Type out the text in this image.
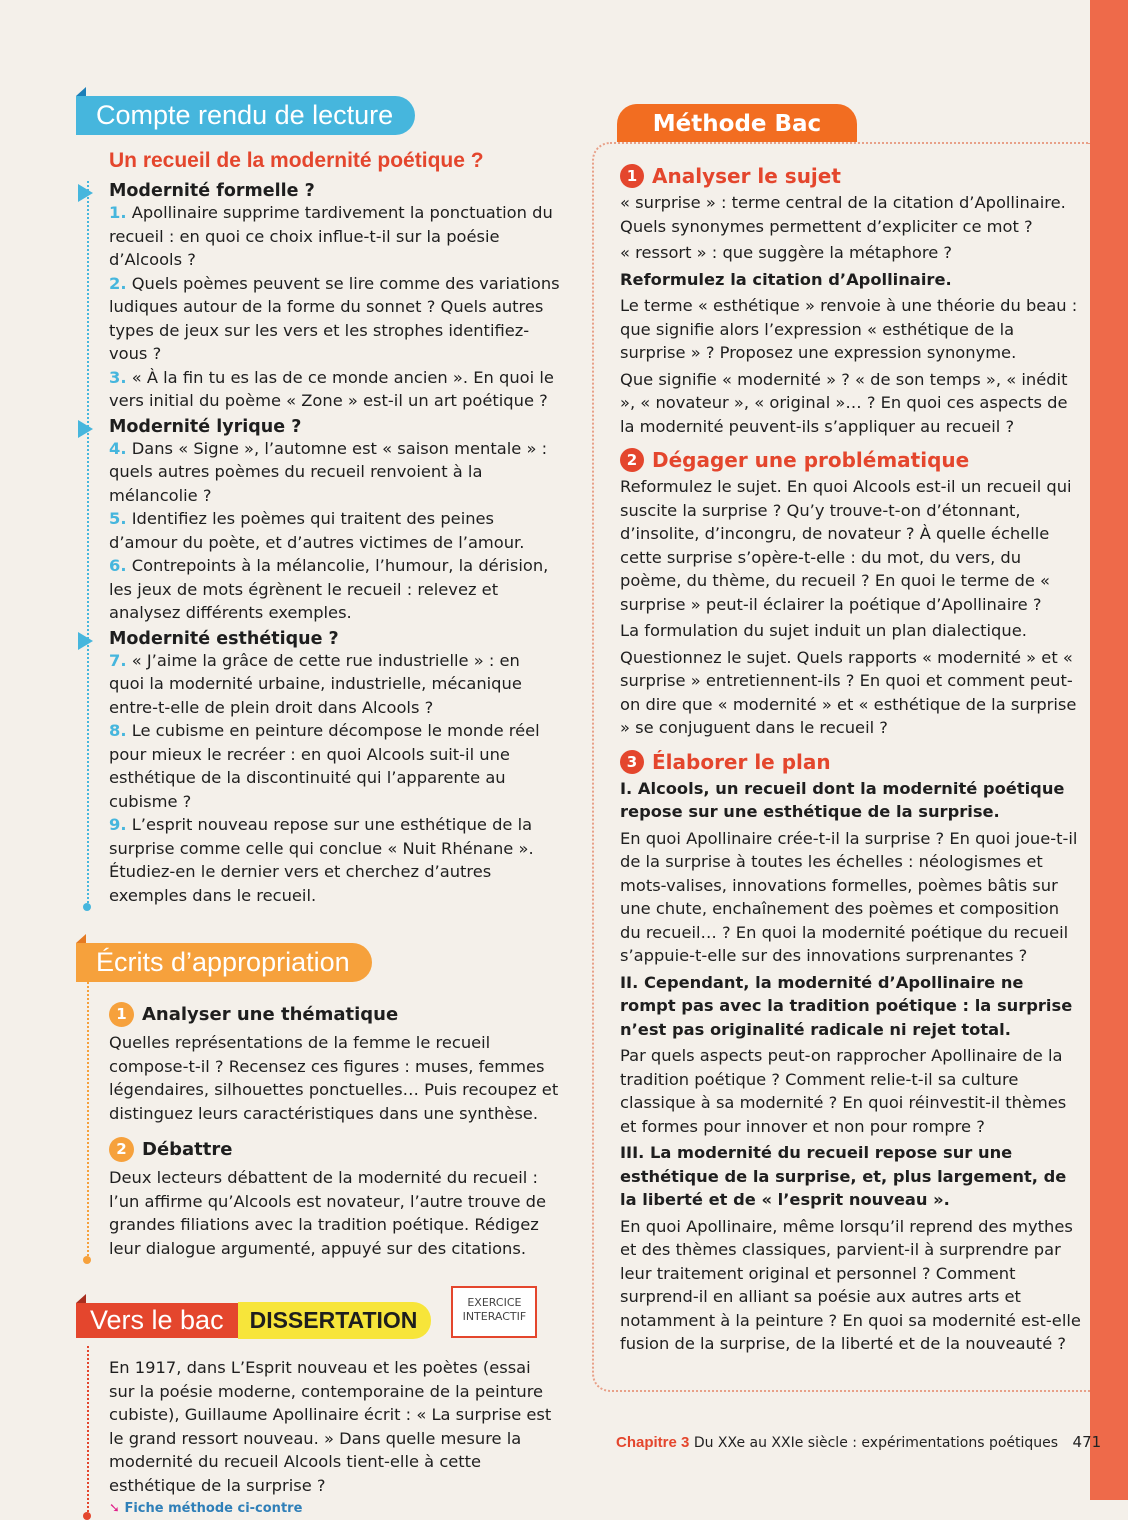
Compte rendu de lecture
Un recueil de la modernité poétique ?
Modernité formelle ?

1. Apollinaire supprime tardivement la ponctuation du recueil : en quoi ce choix influe-t-il sur la poésie d’Alcools ?

2. Quels poèmes peuvent se lire comme des variations ludiques autour de la forme du sonnet ? Quels autres types de jeux sur les vers et les strophes identifiez-vous ?

3. « À la fin tu es las de ce monde ancien ». En quoi le vers initial du poème « Zone » est-il un art poétique ?

Modernité lyrique ?

4. Dans « Signe », l’automne est « saison mentale » : quels autres poèmes du recueil renvoient à la mélancolie ?

5. Identifiez les poèmes qui traitent des peines d’amour du poète, et d’autres victimes de l’amour.

6. Contrepoints à la mélancolie, l’humour, la dérision, les jeux de mots égrènent le recueil : relevez et analysez différents exemples.

Modernité esthétique ?

7. « J’aime la grâce de cette rue industrielle » : en quoi la modernité urbaine, industrielle, mécanique entre-t-elle de plein droit dans Alcools ?

8. Le cubisme en peinture décompose le monde réel pour mieux le recréer : en quoi Alcools suit-il une esthétique de la discontinuité qui l’apparente au cubisme ?

9. L’esprit nouveau repose sur une esthétique de la surprise comme celle qui conclue « Nuit Rhénane ». Étudiez-en le dernier vers et cherchez d’autres exemples dans le recueil.

Écrits d’appropriation
1 Analyser une thématique

Quelles représentations de la femme le recueil compose-t-il ? Recensez ces figures : muses, femmes légendaires, silhouettes ponctuelles… Puis recoupez et distinguez leurs caractéristiques dans une synthèse.

2 Débattre

Deux lecteurs débattent de la modernité du recueil : l’un affirme qu’Alcools est novateur, l’autre trouve de grandes filiations avec la tradition poétique. Rédigez leur dialogue argumenté, appuyé sur des citations.

Vers le bac	DISSERTATION
EXERCICE
INTERACTIF

En 1917, dans L’Esprit nouveau et les poètes (essai sur la poésie moderne, contemporaine de la peinture cubiste), Guillaume Apollinaire écrit : « La surprise est le grand ressort nouveau. » Dans quelle mesure la modernité du recueil Alcools tient-elle à cette esthétique de la surprise ?

➘ Fiche méthode ci-contre
Méthode Bac
1 Analyser le sujet

« surprise » : terme central de la citation d’Apollinaire. Quels synonymes permettent d’expliciter ce mot ?

« ressort » : que suggère la métaphore ?

Reformulez la citation d’Apollinaire.

Le terme « esthétique » renvoie à une théorie du beau : que signifie alors l’expression « esthétique de la surprise » ? Proposez une expression synonyme.

Que signifie « modernité » ? « de son temps », « inédit », « novateur », « original »… ? En quoi ces aspects de la modernité peuvent-ils s’appliquer au recueil ?

2 Dégager une problématique

Reformulez le sujet. En quoi Alcools est-il un recueil qui suscite la surprise ? Qu’y trouve-t-on d’étonnant, d’insolite, d’incongru, de novateur ? À quelle échelle cette surprise s’opère-t-elle : du mot, du vers, du poème, du thème, du recueil ? En quoi le terme de « surprise » peut-il éclairer la poétique d’Apollinaire ?

La formulation du sujet induit un plan dialectique.

Questionnez le sujet. Quels rapports « modernité » et « surprise » entretiennent-ils ? En quoi et comment peut-on dire que « modernité » et « esthétique de la surprise » se conjuguent dans le recueil ?

3 Élaborer le plan

I. Alcools, un recueil dont la modernité poétique repose sur une esthétique de la surprise.

En quoi Apollinaire crée-t-il la surprise ? En quoi joue-t-il de la surprise à toutes les échelles : néologismes et mots-valises, innovations formelles, poèmes bâtis sur une chute, enchaînement des poèmes et composition du recueil… ? En quoi la modernité poétique du recueil s’appuie-t-elle sur des innovations surprenantes ?

II. Cependant, la modernité d’Apollinaire ne rompt pas avec la tradition poétique : la surprise n’est pas originalité radicale ni rejet total.

Par quels aspects peut-on rapprocher Apollinaire de la tradition poétique ? Comment relie-t-il sa culture classique à sa modernité ? En quoi réinvestit-il thèmes et formes pour innover et non pour rompre ?

III. La modernité du recueil repose sur une esthétique de la surprise, et, plus largement, de la liberté et de « l’esprit nouveau ».

En quoi Apollinaire, même lorsqu’il reprend des mythes et des thèmes classiques, parvient-il à surprendre par leur traitement original et personnel ? Comment surprend-il en alliant sa poésie aux autres arts et notamment à la peinture ? En quoi sa modernité est-elle fusion de la surprise, de la liberté et de la nouveauté ?

Chapitre 3 Du XXe au XXIe siècle : expérimentations poétiques 471
